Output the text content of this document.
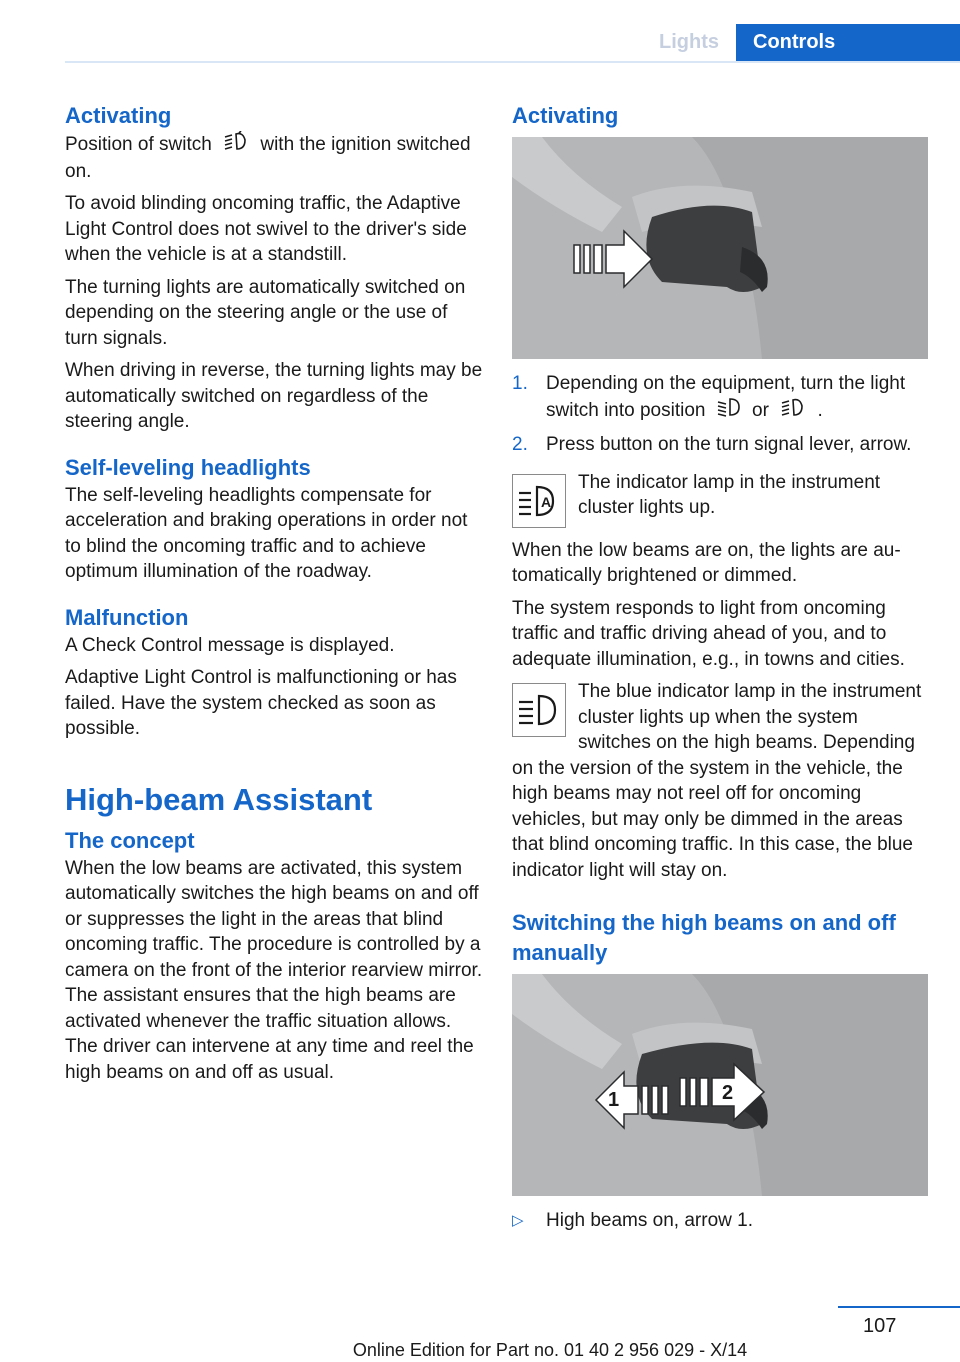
Lights	Controls
Activating

Position of switch	with the ignition switched on.

To avoid blinding oncoming traffic, the Adaptive Light Control does not swivel to the driver's side when the vehicle is at a standstill.

The turning lights are automatically switched on depending on the steering angle or the use of turn signals.

When driving in reverse, the turning lights may be automatically switched on regardless of the steering angle.

Self-leveling headlights

The self-leveling headlights compensate for acceleration and braking operations in order not to blind the oncoming traffic and to achieve optimum illumination of the roadway.

Malfunction

A Check Control message is displayed.

Adaptive Light Control is malfunctioning or has failed. Have the system checked as soon as possible.

High-beam Assistant
The concept

When the low beams are activated, this system automatically switches the high beams on and off or suppresses the light in the areas that blind oncoming traffic. The procedure is controlled by a camera on the front of the interior rearview mirror. The assistant ensures that the high beams are activated whenever the traffic situation allows. The driver can intervene at any time and reel the high beams on and off as usual.

Activating
1. Depending on the equipment, turn the light switch into position or	.
2. Press button on the turn signal lever, arrow.
A

The indicator lamp in the instrument cluster lights up.

When the low beams are on, the lights are automatically brightened or dimmed.

The system responds to light from oncoming traffic and traffic driving ahead of you, and to adequate illumination, e.g., in towns and cities.

The blue indicator lamp in the instrument cluster lights up when the system switches on the high beams. Depending on the version of the system in the vehicle, the high beams may not reel off for oncoming vehicles, but may only be dimmed in the areas that blind oncoming traffic. In this case, the blue indicator light will stay on.

Switching the high beams on and off manually
1	2
▷	High beams on, arrow 1.
107
Online Edition for Part no. 01 40 2 956 029 - X/14
